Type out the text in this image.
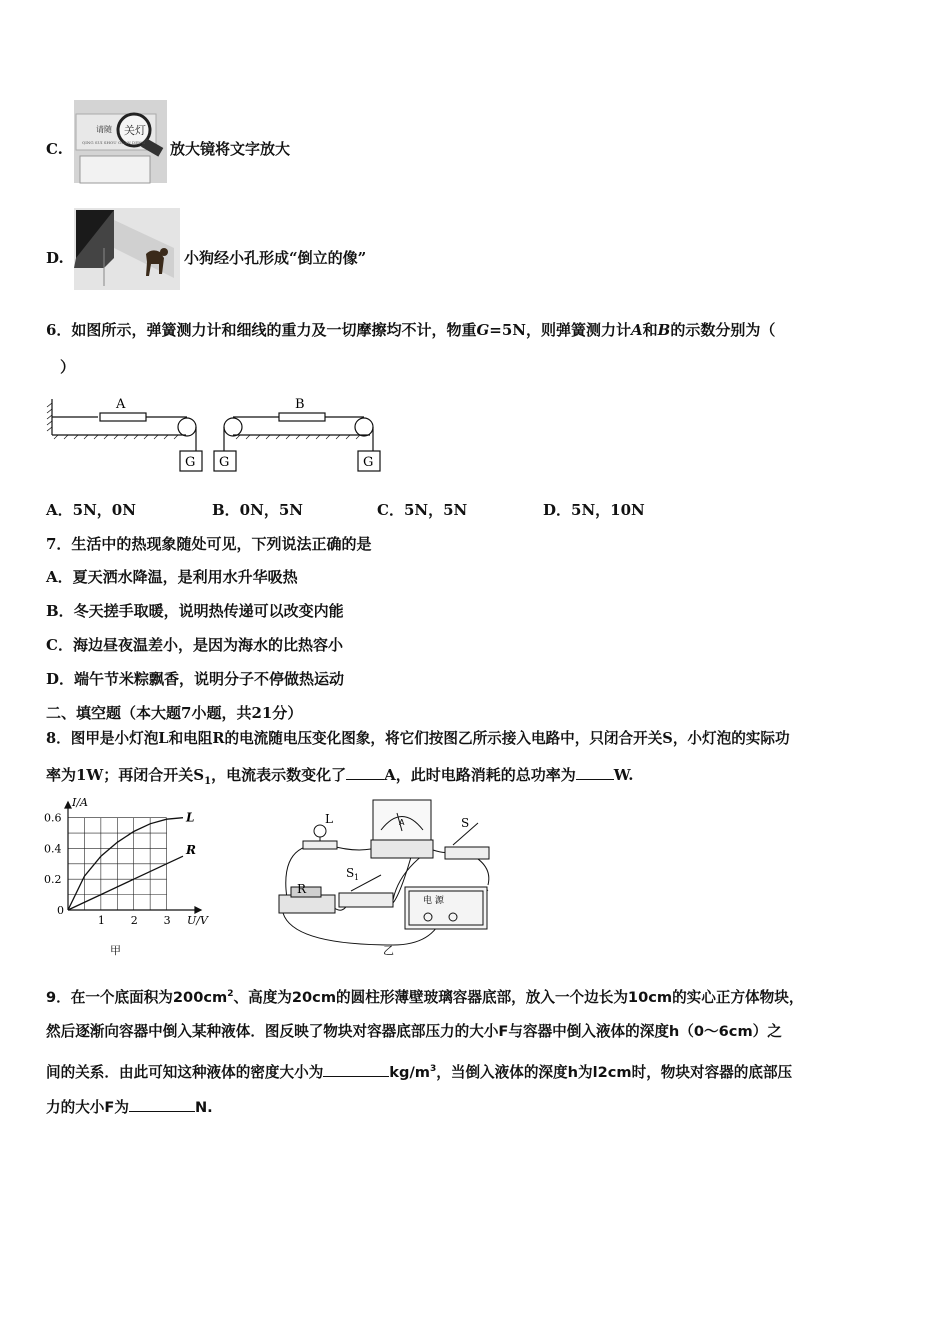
C.
请随 关灯
QING SUI SHOU GUAN DENG 放大镜将文字放大
D.	小狗经小孔形成“倒立的像”
6．如图所示，弹簧测力计和细线的重力及一切摩擦均不计，物重G=5N，则弹簧测力计A和B的示数分别为（
）
A	B
G G	G
A．5N，0N	B．0N，5N	C．5N，5N	D．5N，10N
7．生活中的热现象随处可见，下列说法正确的是
A．夏天洒水降温，是利用水升华吸热
B．冬天搓手取暖，说明热传递可以改变内能
C．海边昼夜温差小，是因为海水的比热容小
D．端午节米粽飘香，说明分子不停做热运动
二、填空题（本大题7小题，共21分）
8．图甲是小灯泡L和电阻R的电流随电压变化图象，将它们按图乙所示接入电路中，只闭合开关S，小灯泡的实际功
率为1W；再闭合开关$S_1$，电流表示数变化了	A，此时电路消耗的总功率为	W.
L
R
1 2 3
0.6
0.4
0.2
0
U/V
I/A
L	A	S
S 1
R
电 源
甲	乙
9．在一个底面积为$200cm^2$、高度为20cm的圆柱形薄壁玻璃容器底部，放入一个边长为10cm的实心正方体物块，
然后逐渐向容器中倒入某种液体．图反映了物块对容器底部压力的大小F与容器中倒入液体的深度h（0～6cm）之
间的关系．由此可知这种液体的密度大小为	$kg/m^3$，当倒入液体的深度h为l2cm时，物块对容器的底部压
力的大小F为	N.
